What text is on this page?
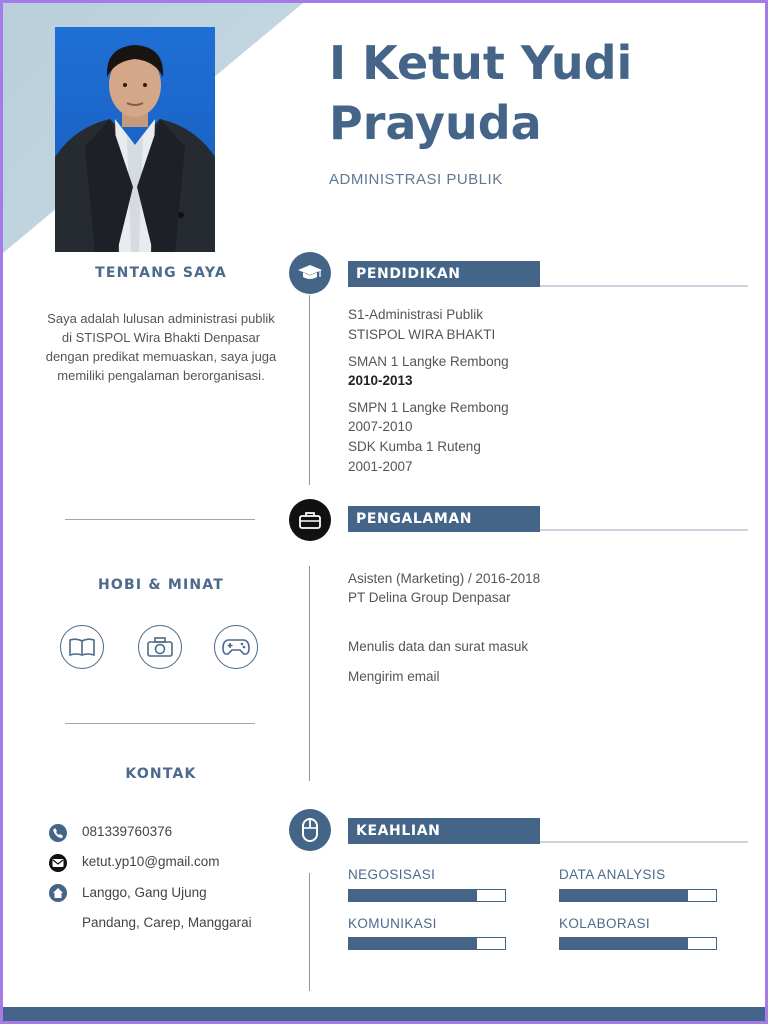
I Ketut Yudi
Prayuda
ADMINISTRASI PUBLIK
TENTANG SAYA
Saya adalah lulusan administrasi publik di STISPOL Wira Bhakti Denpasar dengan predikat memuaskan, saya juga memiliki pengalaman berorganisasi.
HOBI & MINAT
KONTAK
081339760376
ketut.yp10@gmail.com
Langgo, Gang Ujung
Pandang, Carep, Manggarai
PENDIDIKAN
S1-Administrasi Publik
STISPOL WIRA BHAKTI
SMAN 1 Langke Rembong
2010-2013
SMPN 1 Langke Rembong
2007-2010
SDK Kumba 1 Ruteng
2001-2007
PENGALAMAN
Asisten (Marketing) / 2016-2018
PT Delina Group Denpasar
Menulis data dan surat masuk
Mengirim email
KEAHLIAN
NEGOSISASI	DATA ANALYSIS
KOMUNIKASI	KOLABORASI
